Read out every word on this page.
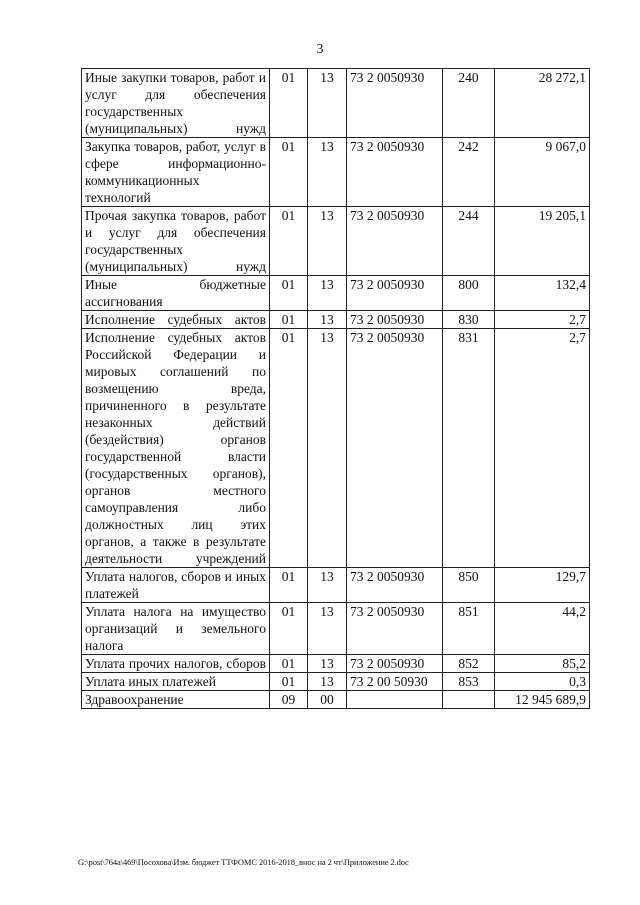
3
Иные закупки товаров, работ и услуг для обеспечения государственных (муниципальных) нужд	01	13	73 2 0050930	240	28 272,1
Закупка товаров, работ, услуг в сфере информационно-коммуникационных технологий	01	13	73 2 0050930	242	9 067,0
Прочая закупка товаров, работ и услуг для обеспечения государственных (муниципальных) нужд	01	13	73 2 0050930	244	19 205,1
Иные бюджетные ассигнования	01	13	73 2 0050930	800	132,4
Исполнение судебных актов	01	13	73 2 0050930	830	2,7
Исполнение судебных актов Российской Федерации и мировых соглашений по возмещению вреда, причиненного в результате незаконных действий (бездействия) органов государственной власти (государственных органов), органов местного самоуправления либо должностных лиц этих органов, а также в результате деятельности учреждений	01	13	73 2 0050930	831	2,7
Уплата налогов, сборов и иных платежей	01	13	73 2 0050930	850	129,7
Уплата налога на имущество организаций и земельного налога	01	13	73 2 0050930	851	44,2
Уплата прочих налогов, сборов	01	13	73 2 0050930	852	85,2
Уплата иных платежей	01	13	73 2 00 50930	853	0,3
Здравоохранение	09	00			12 945 689,9
G:\post\764a\469\Посохова\Изм. бюджет ТТФОМС 2016-2018_внос на 2 чт\Приложение 2.doc
